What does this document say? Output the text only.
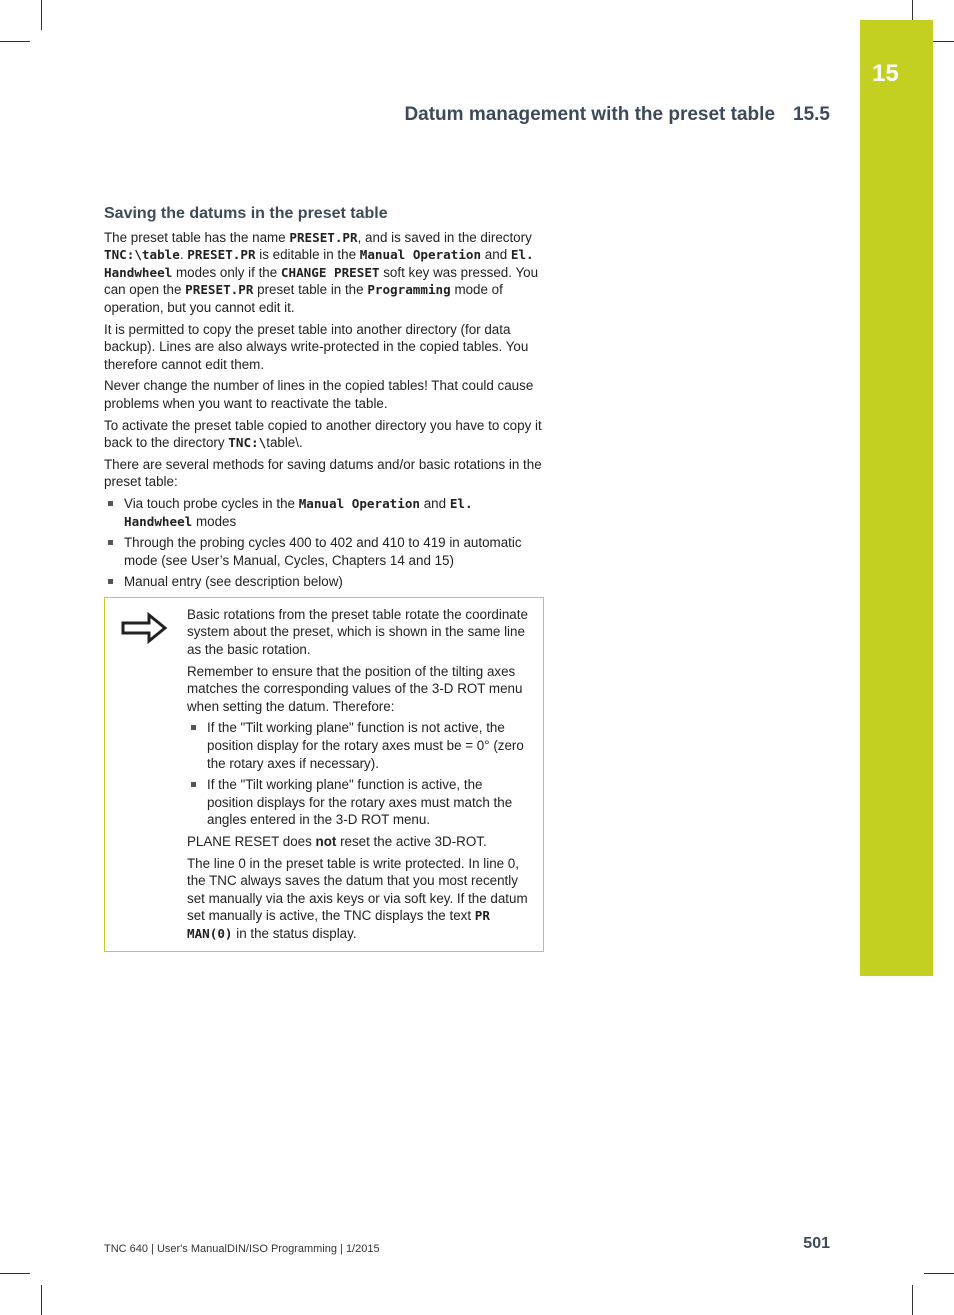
15
Datum management with the preset table 15.5
Saving the datums in the preset table

The preset table has the name PRESET.PR, and is saved in the directory TNC:\table. PRESET.PR is editable in the Manual Operation and El. Handwheel modes only if the CHANGE PRESET soft key was pressed. You can open the PRESET.PR preset table in the Programming mode of operation, but you cannot edit it.

It is permitted to copy the preset table into another directory (for data backup). Lines are also always write-protected in the copied tables. You therefore cannot edit them.

Never change the number of lines in the copied tables! That could cause problems when you want to reactivate the table.

To activate the preset table copied to another directory you have to copy it back to the directory TNC:\table\.

There are several methods for saving datums and/or basic rotations in the preset table:

Via touch probe cycles in the Manual Operation and El. Handwheel modes
Through the probing cycles 400 to 402 and 410 to 419 in automatic mode (see User’s Manual, Cycles, Chapters 14 and 15)
Manual entry (see description below)

Basic rotations from the preset table rotate the coordinate system about the preset, which is shown in the same line as the basic rotation.

Remember to ensure that the position of the tilting axes matches the corresponding values of the 3-D ROT menu when setting the datum. Therefore:

If the "Tilt working plane" function is not active, the position display for the rotary axes must be = 0° (zero the rotary axes if necessary).
If the "Tilt working plane" function is active, the position displays for the rotary axes must match the angles entered in the 3-D ROT menu.

PLANE RESET does not reset the active 3D-ROT.

The line 0 in the preset table is write protected. In line 0, the TNC always saves the datum that you most recently set manually via the axis keys or via soft key. If the datum set manually is active, the TNC displays the text PR MAN(0) in the status display.

TNC 640 | User's ManualDIN/ISO Programming | 1/2015	501
